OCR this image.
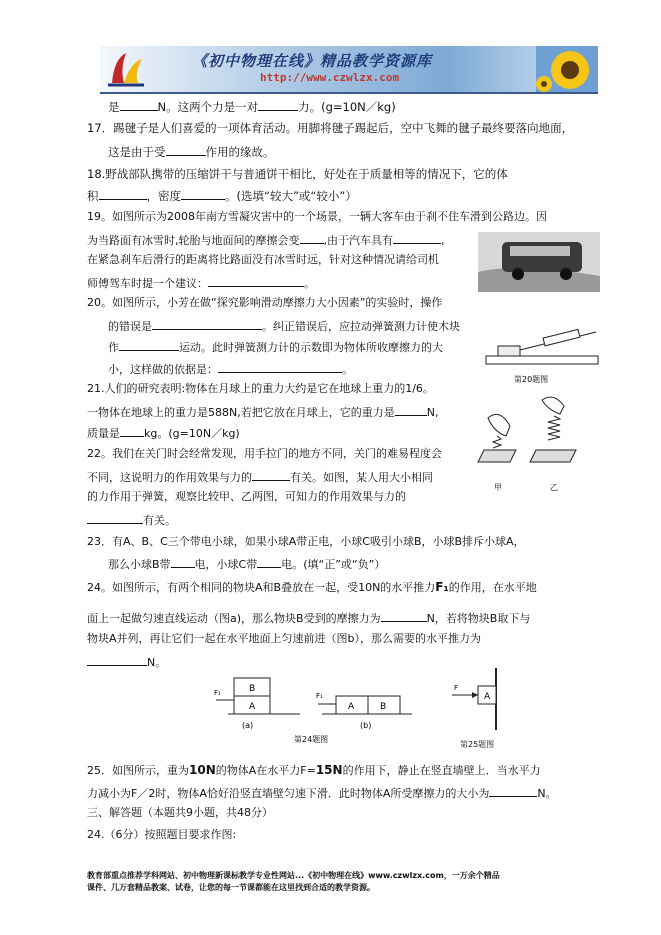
《初中物理在线》精品教学资源库
http://www.czwlzx.com
是	N。这两个力是一对	力。(g=10N／kg)
17．踢毽子是人们喜爱的一项体育活动。用脚将毽子踢起后，空中飞舞的毽子最终要落向地面，
这是由于受	作用的缘故。
18.野战部队携带的压缩饼干与普通饼干相比，好处在于质量相等的情况下，它的体
积	，密度	。(选填“较大”或“较小”）
19。如图所示为2008年南方雪凝灾害中的一个场景，一辆大客车由于刹不住车滑到公路边。因
为当路面有冰雪时,轮胎与地面间的摩擦会变 ,由于汽车具有	,
在紧急刹车后滑行的距离将比路面没有冰雪时远，针对这种情况请给司机
师傅驾车时提一个建议：	。
20。如图所示，小芳在做“探究影响滑动摩擦力大小因素”的实验时，操作
的错误是	。纠正错误后，应拉动弹簧测力计使木块
作	运动。此时弹簧测力计的示数即为物体所收摩擦力的大
小，这样做的依据是：	。
第20题图
21.人们的研究表明:物体在月球上的重力大约是它在地球上重力的1/6。
一物体在地球上的重力是588N,若把它放在月球上，它的重力是	N,
质量是 kg。(g=10N／kg)
22。我们在关门时会经常发现，用手拉门的地方不同，关门的难易程度会
不同，这说明力的作用效果与力的	有关。如图，某人用大小相同
的力作用于弹簧，观察比较甲、乙两图，可知力的作用效果与力的
有关。
甲	乙
23．有A、B、C三个带电小球，如果小球A带正电，小球C吸引小球B，小球B排斥小球A，
那么小球B带 电，小球C带 电。(填“正”或“负”）
24。如图所示，有两个相同的物块A和B叠放在一起，受10N的水平推力F₁的作用，在水平地
面上一起做匀速直线运动（图a)，那么物块B受到的摩擦力为	N，若将物块B取下与
物块A并列，再让它们一起在水平地面上匀速前进（图b），那么需要的水平推力为
N。
A
B
F₁
(a)
A	B
F₁
(b)
第24题图
A
F
第25题图
25．如图所示，重为10N的物体A在水平力F=15N的作用下，静止在竖直墙壁上．当水平力
力减小为F／2时，物体A恰好沿竖直墙壁匀速下滑．此时物体A所受摩擦力的大小为	N。
三、解答题（本题共9小题，共48分）
24.（6分）按照题目要求作图:
教育部重点推荐学科网站、初中物理新课标教学专业性网站...《初中物理在线》www.czwlzx.com，一万余个精品
课件、几万套精品教案、试卷，让您的每一节课都能在这里找到合适的教学资源。
